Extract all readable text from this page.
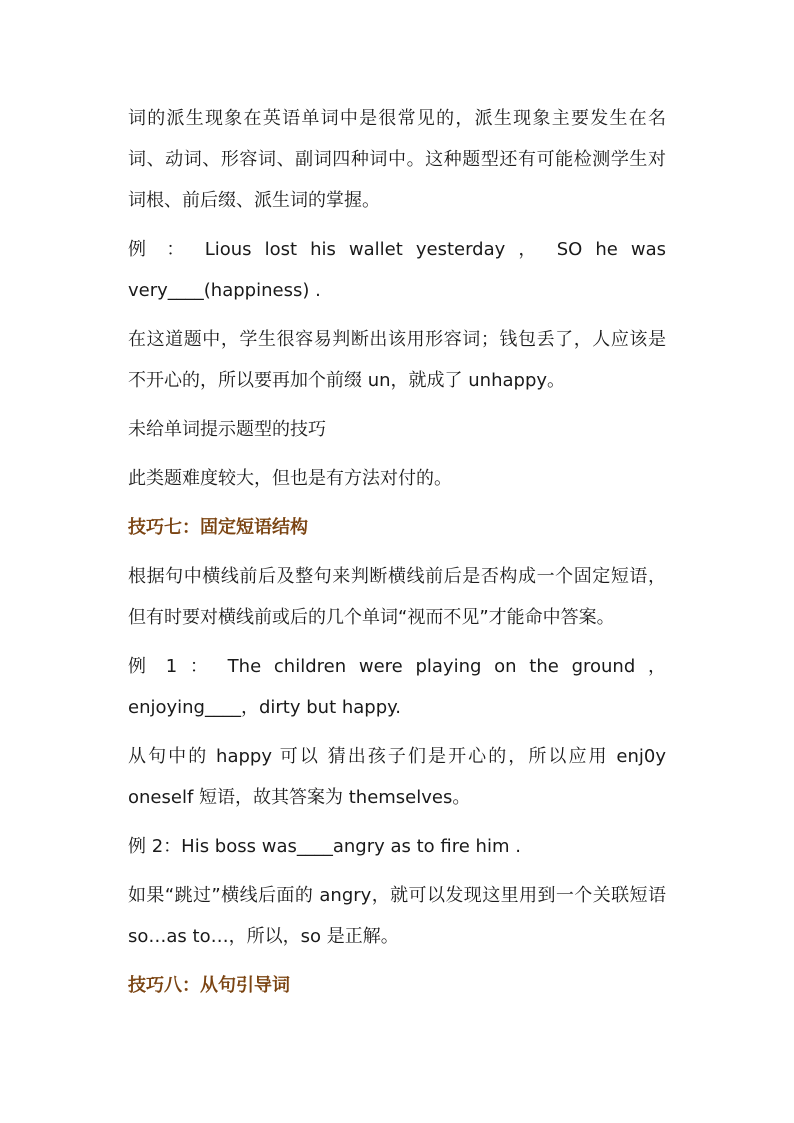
词的派生现象在英语单词中是很常见的，派生现象主要发生在名词、动词、形容词、副词四种词中。这种题型还有可能检测学生对词根、前后缀、派生词的掌握。

例 ： Lious lost his wallet yesterday ， SO he was very____(happiness) .

在这道题中，学生很容易判断出该用形容词；钱包丢了，人应该是不开心的，所以要再加个前缀 un，就成了 unhappy。

未给单词提示题型的技巧

此类题难度较大，但也是有方法对付的。

技巧七：固定短语结构

根据句中横线前后及整句来判断横线前后是否构成一个固定短语，但有时要对横线前或后的几个单词“视而不见”才能命中答案。

例 1 ： The children were playing on the ground ， enjoying____，dirty but happy.

从句中的 happy 可以 猜出孩子们是开心的，所以应用 enj0y oneself 短语，故其答案为 themselves。

例 2：His boss was____angry as to fire him .

如果“跳过”横线后面的 angry，就可以发现这里用到一个关联短语 so…as to…，所以，so 是正解。

技巧八：从句引导词
